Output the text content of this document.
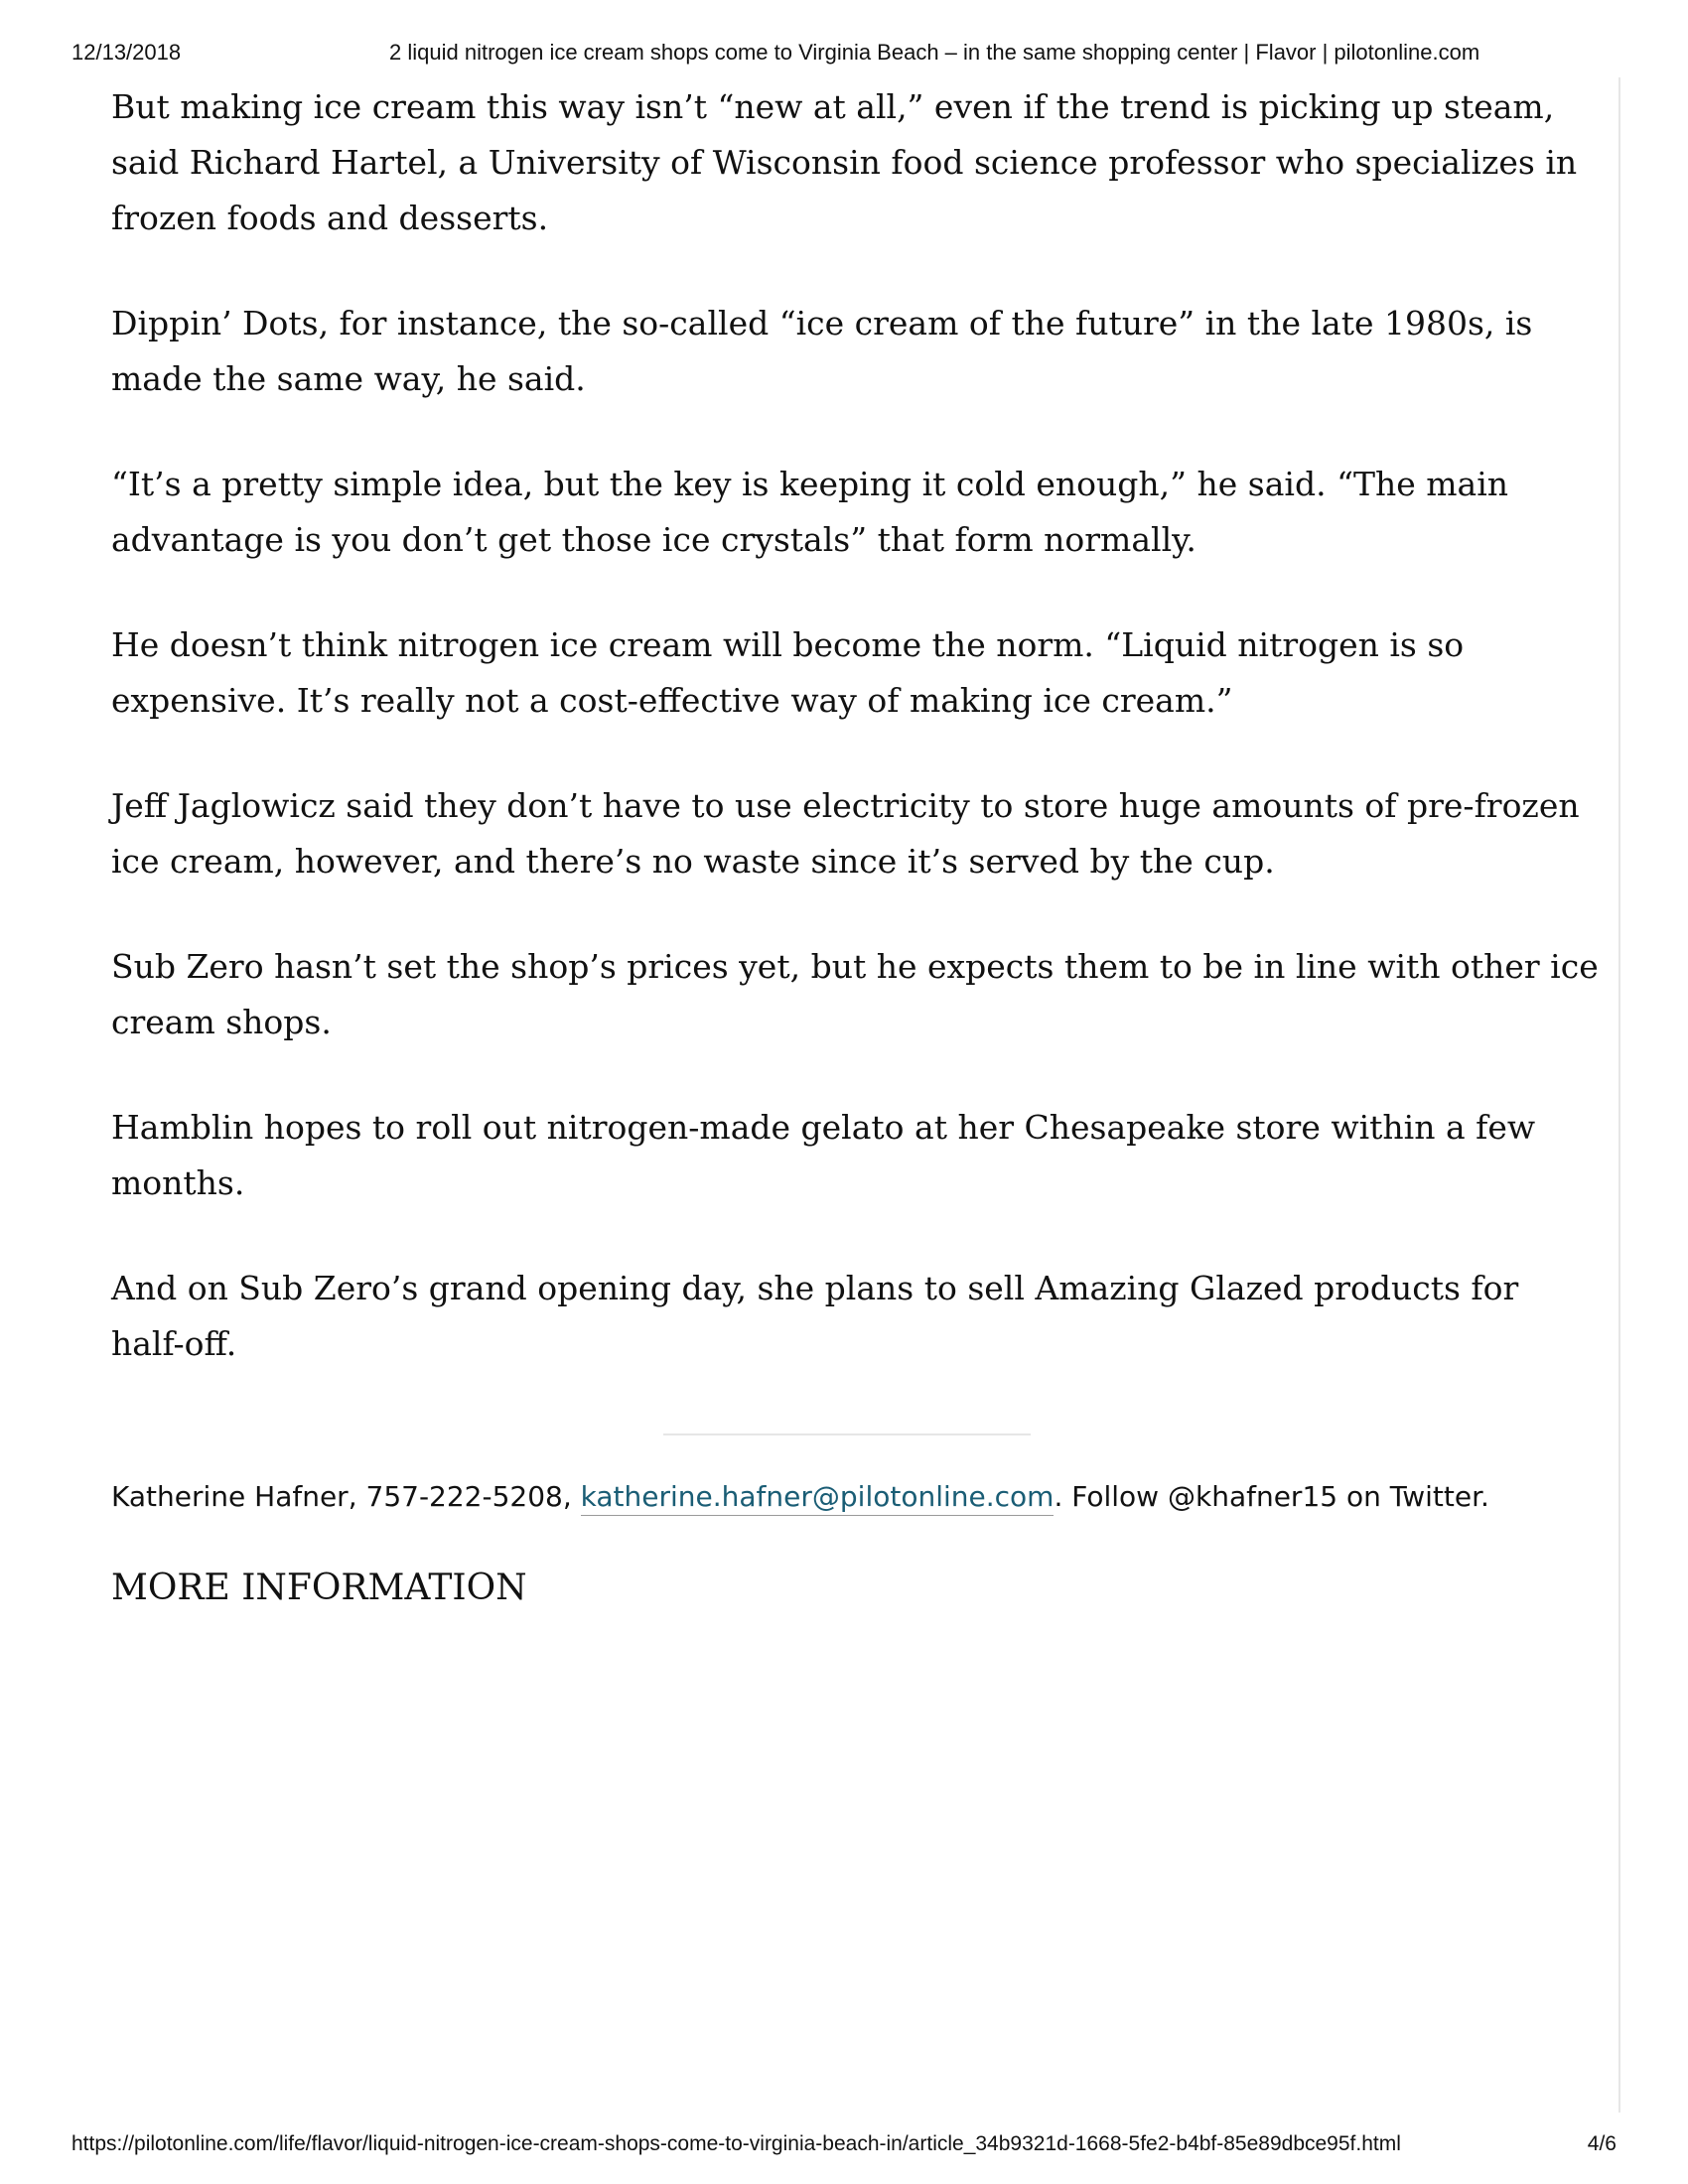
12/13/2018	2 liquid nitrogen ice cream shops come to Virginia Beach – in the same shopping center | Flavor | pilotonline.com

But making ice cream this way isn’t “new at all,” even if the trend is picking up steam, said Richard Hartel, a University of Wisconsin food science professor who specializes in frozen foods and desserts.

Dippin’ Dots, for instance, the so-called “ice cream of the future” in the late 1980s, is made the same way, he said.

“It’s a pretty simple idea, but the key is keeping it cold enough,” he said. “The main advantage is you don’t get those ice crystals” that form normally.

He doesn’t think nitrogen ice cream will become the norm. “Liquid nitrogen is so expensive. It’s really not a cost-effective way of making ice cream.”

Jeff Jaglowicz said they don’t have to use electricity to store huge amounts of pre-frozen ice cream, however, and there’s no waste since it’s served by the cup.

Sub Zero hasn’t set the shop’s prices yet, but he expects them to be in line with other ice cream shops.

Hamblin hopes to roll out nitrogen-made gelato at her Chesapeake store within a few months.

And on Sub Zero’s grand opening day, she plans to sell Amazing Glazed products for half-off.

Katherine Hafner, 757-222-5208, katherine.hafner@pilotonline.com. Follow @khafner15 on Twitter.
MORE INFORMATION
https://pilotonline.com/life/flavor/liquid-nitrogen-ice-cream-shops-come-to-virginia-beach-in/article_34b9321d-1668-5fe2-b4bf-85e89dbce95f.html	4/6
